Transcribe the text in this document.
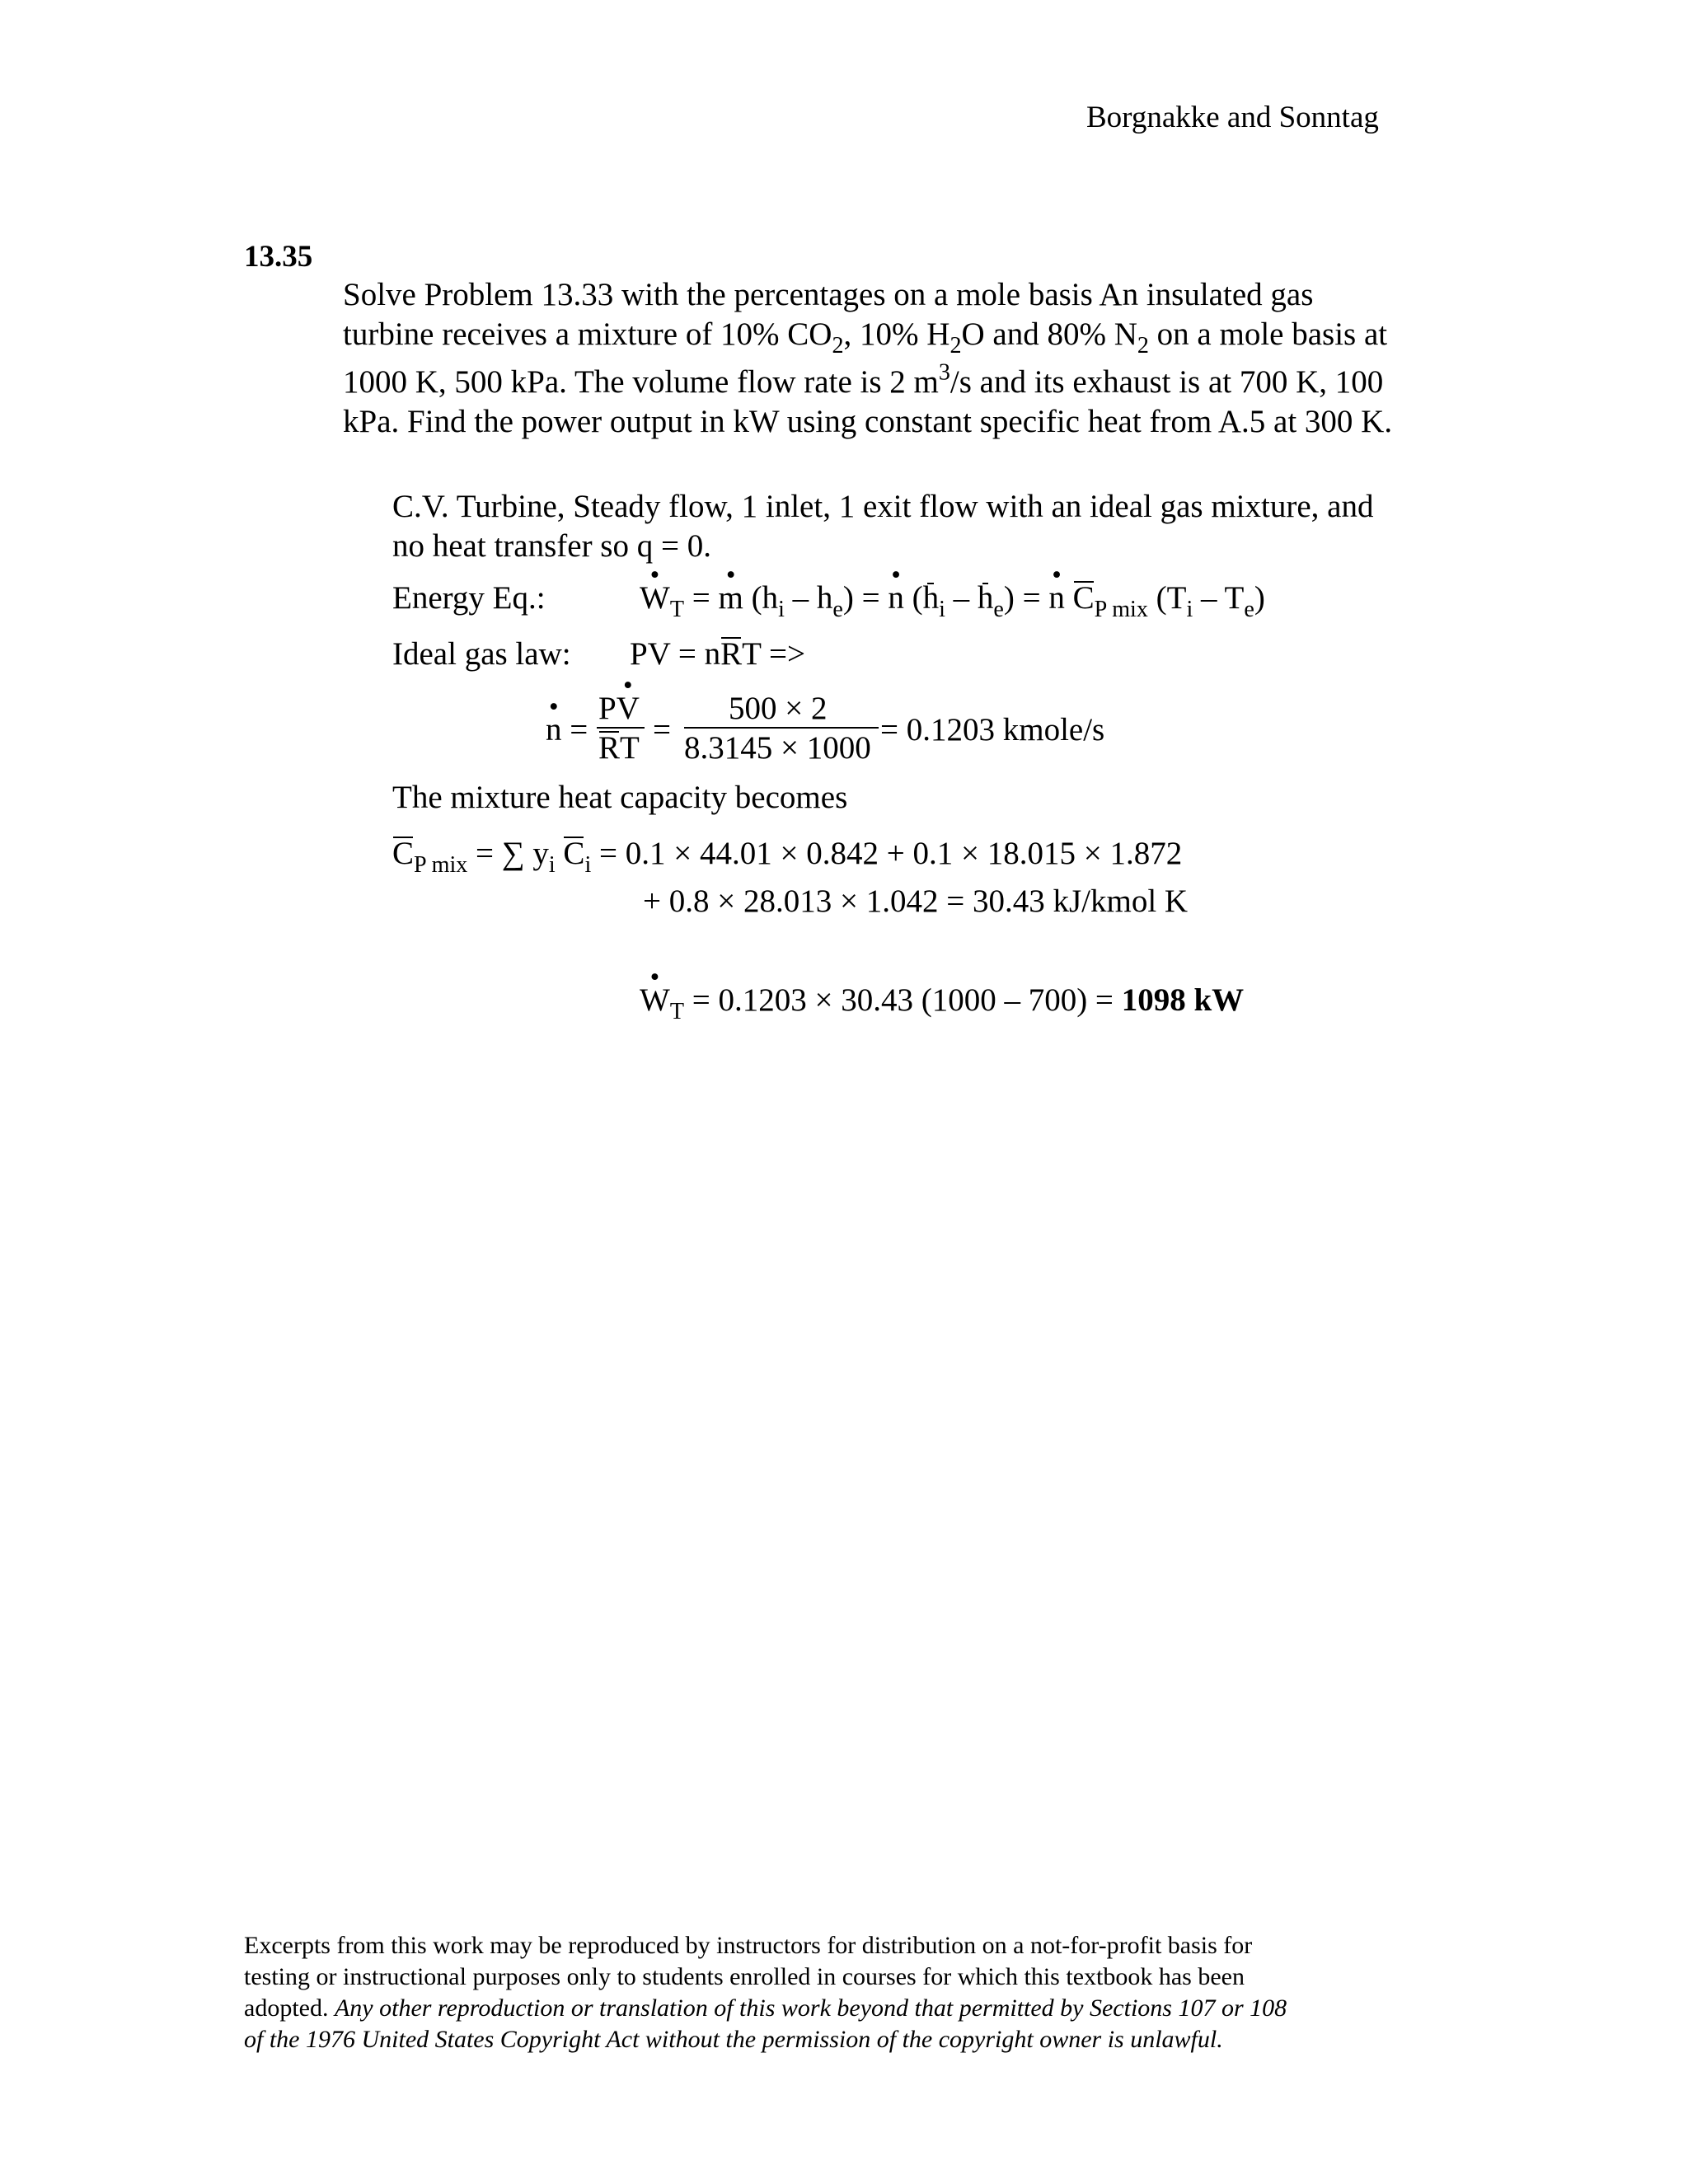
Borgnakke and Sonntag
13.35
Solve Problem 13.33 with the percentages on a mole basis An insulated gas
turbine receives a mixture of 10% $CO_2$, 10% $H_2O$ and 80% $N_2$ on a mole basis at
1000 K, 500 kPa. The volume flow rate is 2 $m^3/s$ and its exhaust is at 700 K, 100
kPa. Find the power output in kW using constant specific heat from A.5 at 300 K.
C.V. Turbine, Steady flow, 1 inlet, 1 exit flow with an ideal gas mixture, and
no heat transfer so q = 0.
Energy Eq.:
•	$W_T$ = • m $(h_i - h_e)$ = • n $(h_i - h_e)$ = • n $C_{P mix}$ $(T_i - T_e)$
Ideal gas law: PV = nRT =>
• n =
P• V
RT
=
500 × 2
8.3145 × 1000
= 0.1203 kmole/s
The mixture heat capacity becomes
$C_{P mix}$ = ∑ $y_i$ $C_i = 0.1 \times 44.01 \times 0.842 + 0.1 \times 18.015 \times 1.872$
+ 0.8 × 28.013 × 1.042 = 30.43 kJ/kmol K
• $W_T = 0.1203 \times 30.43$ (1000 – 700) = 1098 kW
Excerpts from this work may be reproduced by instructors for distribution on a not-for-profit basis for
testing or instructional purposes only to students enrolled in courses for which this textbook has been
adopted. Any other reproduction or translation of this work beyond that permitted by Sections 107 or 108
of the 1976 United States Copyright Act without the permission of the copyright owner is unlawful.
